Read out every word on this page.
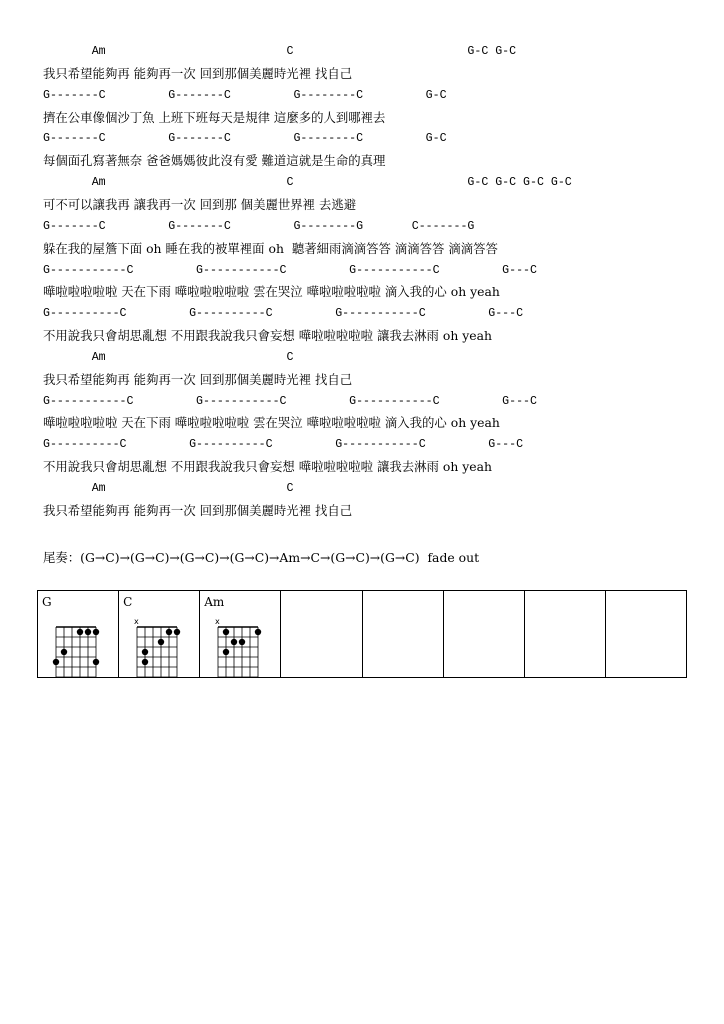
Am                          C                         G-C G-C
我只希望能夠再 能夠再一次 回到那個美麗時光裡 找自己
G-------C         G-------C         G--------C         G-C
擠在公車像個沙丁魚 上班下班每天是規律 這麼多的人到哪裡去
G-------C         G-------C         G--------C         G-C
每個面孔寫著無奈 爸爸媽媽彼此沒有愛 難道這就是生命的真理
Am                          C                         G-C G-C G-C G-C
可不可以讓我再 讓我再一次 回到那 個美麗世界裡 去逃避
G-------C         G-------C         G--------G       C-------G
躲在我的屋簷下面 oh 睡在我的被單裡面 oh  聽著細雨滴滴答答 滴滴答答 滴滴答答
G-----------C         G-----------C         G-----------C         G---C
嘩啦啦啦啦啦 天在下雨 嘩啦啦啦啦啦 雲在哭泣 嘩啦啦啦啦啦 滴入我的心 oh yeah
G----------C         G----------C         G-----------C         G---C
不用說我只會胡思亂想 不用跟我說我只會妄想 嘩啦啦啦啦啦 讓我去淋雨 oh yeah
Am                          C
我只希望能夠再 能夠再一次 回到那個美麗時光裡 找自己
G-----------C         G-----------C         G-----------C         G---C
嘩啦啦啦啦啦 天在下雨 嘩啦啦啦啦啦 雲在哭泣 嘩啦啦啦啦啦 滴入我的心 oh yeah
G----------C         G----------C         G-----------C         G---C
不用說我只會胡思亂想 不用跟我說我只會妄想 嘩啦啦啦啦啦 讓我去淋雨 oh yeah
Am                          C
我只希望能夠再 能夠再一次 回到那個美麗時光裡 找自己
尾奏：(G→C)→(G→C)→(G→C)→(G→C)→Am→C→(G→C)→(G→C)  fade out
G	C
x

Am
x
